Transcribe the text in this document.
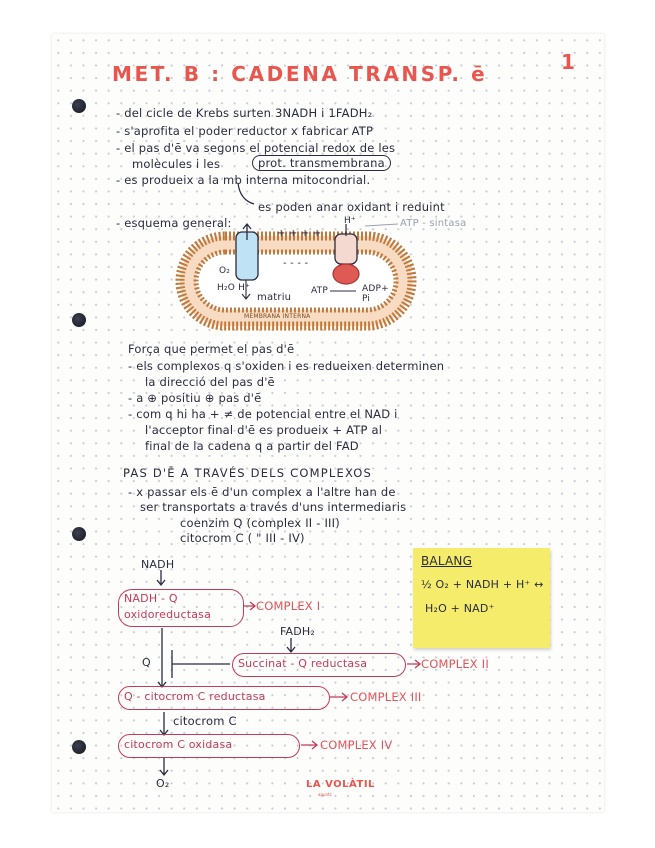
MET. B : CADENA TRANSP. ē	1
- del cicle de Krebs surten 3NADH i 1FADH₂
- s'aprofita el poder reductor x fabricar ATP
- el pas d'ē va segons el potencial redox de les
molècules i les	prot. transmembrana
- es produeix a la mb interna mitocondrial.
es poden anar oxidant i reduint
- esquema general:
+ + + +
- - - -
H⁺	ATP - sintasa
O₂
H₂O H⁺
matriu
ATP	ADP+ Pi
MEMBRANA INTERNA
Força que permet el pas d'ē
- els complexos q s'oxiden i es redueixen determinen
la direcció del pas d'ē
- a ⊕ positiu ⊕ pas d'ē
- com q hi ha + ≠ de potencial entre el NAD i
l'acceptor final d'ē es produeix + ATP al
final de la cadena q a partir del FAD
PAS D'Ē A TRAVÉS DELS COMPLEXOS
- x passar els ē d'un complex a l'altre han de
ser transportats a través d'uns intermediaris
coenzim Q (complex II - III)
citocrom C ( " III - IV)
NADH
NADH - Q
oxidoreductasa
COMPLEX I
FADH₂
Q	Succinat - Q reductasa	COMPLEX II
Q - citocrom C reductasa	COMPLEX III
citocrom C
citocrom C oxidasa	COMPLEX IV
O₂
BALANG
½ O₂ + NADH + H⁺ ↔
H₂O + NAD⁺
LA VOLÀTIL
apunts
